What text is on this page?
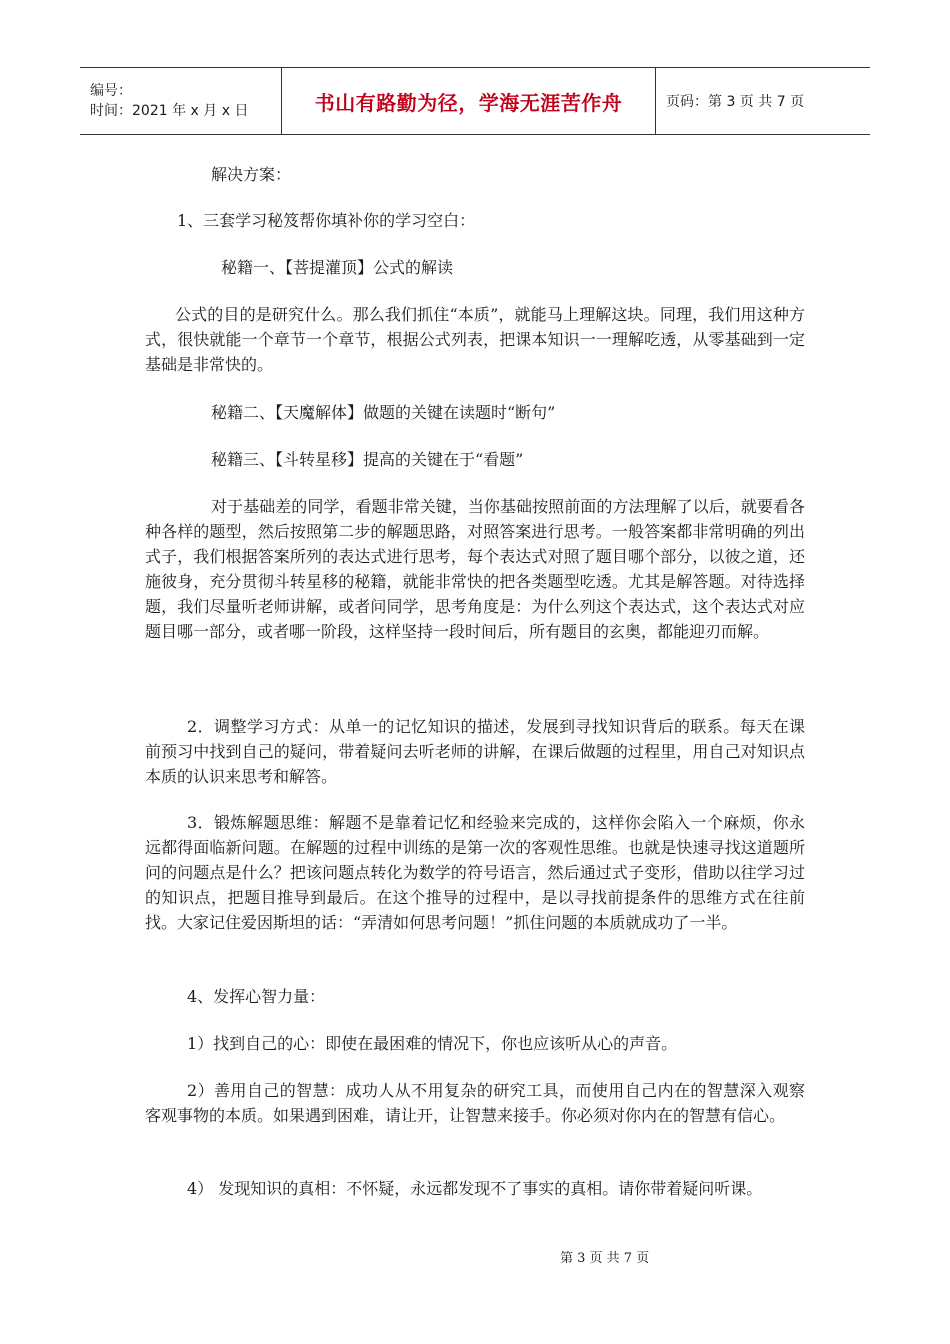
编号：
时间：2021 年 x 月 x 日	书山有路勤为径，学海无涯苦作舟	页码：第 3 页 共 7 页

解决方案：

1、三套学习秘笈帮你填补你的学习空白：

秘籍一、【菩提灌顶】公式的解读

公式的目的是研究什么。那么我们抓住“本质”，就能马上理解这块。同理，我们用这种方式，很快就能一个章节一个章节，根据公式列表，把课本知识一一理解吃透，从零基础到一定基础是非常快的。

秘籍二、【天魔解体】做题的关键在读题时“断句”

秘籍三、【斗转星移】提高的关键在于“看题”

对于基础差的同学，看题非常关键，当你基础按照前面的方法理解了以后，就要看各种各样的题型，然后按照第二步的解题思路，对照答案进行思考。一般答案都非常明确的列出式子，我们根据答案所列的表达式进行思考，每个表达式对照了题目哪个部分，以彼之道，还施彼身，充分贯彻斗转星移的秘籍，就能非常快的把各类题型吃透。尤其是解答题。对待选择题，我们尽量听老师讲解，或者问同学，思考角度是：为什么列这个表达式，这个表达式对应题目哪一部分，或者哪一阶段，这样坚持一段时间后，所有题目的玄奥，都能迎刃而解。

2．调整学习方式：从单一的记忆知识的描述，发展到寻找知识背后的联系。每天在课前预习中找到自己的疑问，带着疑问去听老师的讲解，在课后做题的过程里，用自己对知识点本质的认识来思考和解答。

3．锻炼解题思维：解题不是靠着记忆和经验来完成的，这样你会陷入一个麻烦，你永远都得面临新问题。在解题的过程中训练的是第一次的客观性思维。也就是快速寻找这道题所问的问题点是什么？把该问题点转化为数学的符号语言，然后通过式子变形，借助以往学习过的知识点，把题目推导到最后。在这个推导的过程中，是以寻找前提条件的思维方式在往前找。大家记住爱因斯坦的话：“弄清如何思考问题！”抓住问题的本质就成功了一半。

4、发挥心智力量：

1）找到自己的心：即使在最困难的情况下，你也应该听从心的声音。

2）善用自己的智慧：成功人从不用复杂的研究工具，而使用自己内在的智慧深入观察客观事物的本质。如果遇到困难，请让开，让智慧来接手。你必须对你内在的智慧有信心。

4） 发现知识的真相：不怀疑，永远都发现不了事实的真相。请你带着疑问听课。

第 3 页 共 7 页
